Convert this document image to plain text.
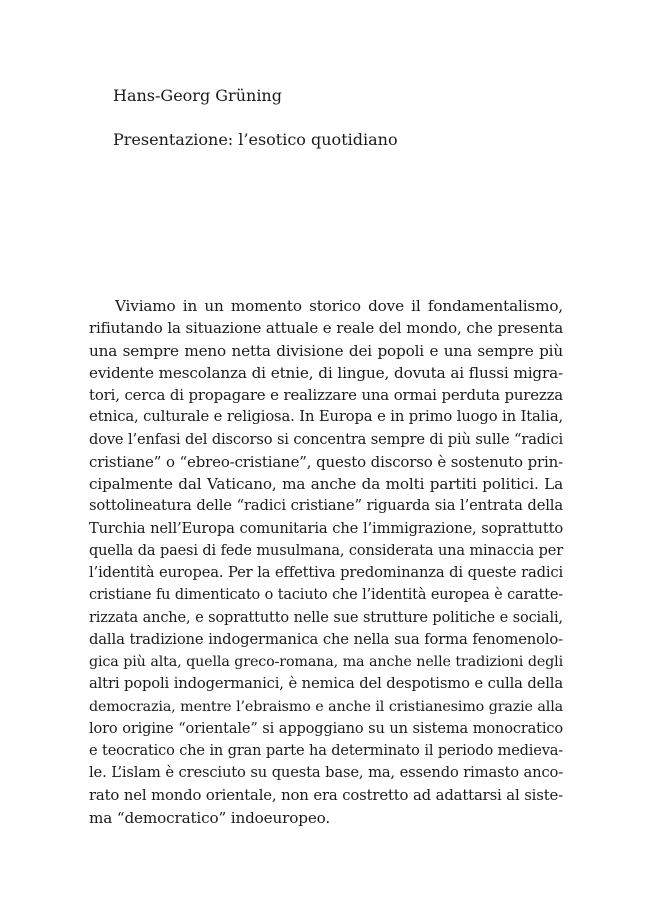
Hans-Georg Grüning
Presentazione: l’esotico quotidiano
Viviamo in un momento storico dove il fondamentalismo,
rifiutando la situazione attuale e reale del mondo, che presenta
una sempre meno netta divisione dei popoli e una sempre più
evidente mescolanza di etnie, di lingue, dovuta ai flussi migra-
tori, cerca di propagare e realizzare una ormai perduta purezza
etnica, culturale e religiosa. In Europa e in primo luogo in Italia,
dove l’enfasi del discorso si concentra sempre di più sulle “radici
cristiane” o “ebreo-cristiane”, questo discorso è sostenuto prin-
cipalmente dal Vaticano, ma anche da molti partiti politici. La
sottolineatura delle “radici cristiane” riguarda sia l’entrata della
Turchia nell’Europa comunitaria che l’immigrazione, soprattutto
quella da paesi di fede musulmana, considerata una minaccia per
l’identità europea. Per la effettiva predominanza di queste radici
cristiane fu dimenticato o taciuto che l’identità europea è caratte-
rizzata anche, e soprattutto nelle sue strutture politiche e sociali,
dalla tradizione indogermanica che nella sua forma fenomenolo-
gica più alta, quella greco-romana, ma anche nelle tradizioni degli
altri popoli indogermanici, è nemica del despotismo e culla della
democrazia, mentre l’ebraismo e anche il cristianesimo grazie alla
loro origine “orientale” si appoggiano su un sistema monocratico
e teocratico che in gran parte ha determinato il periodo medieva-
le. L’islam è cresciuto su questa base, ma, essendo rimasto anco-
rato nel mondo orientale, non era costretto ad adattarsi al siste-
ma “democratico” indoeuropeo.
